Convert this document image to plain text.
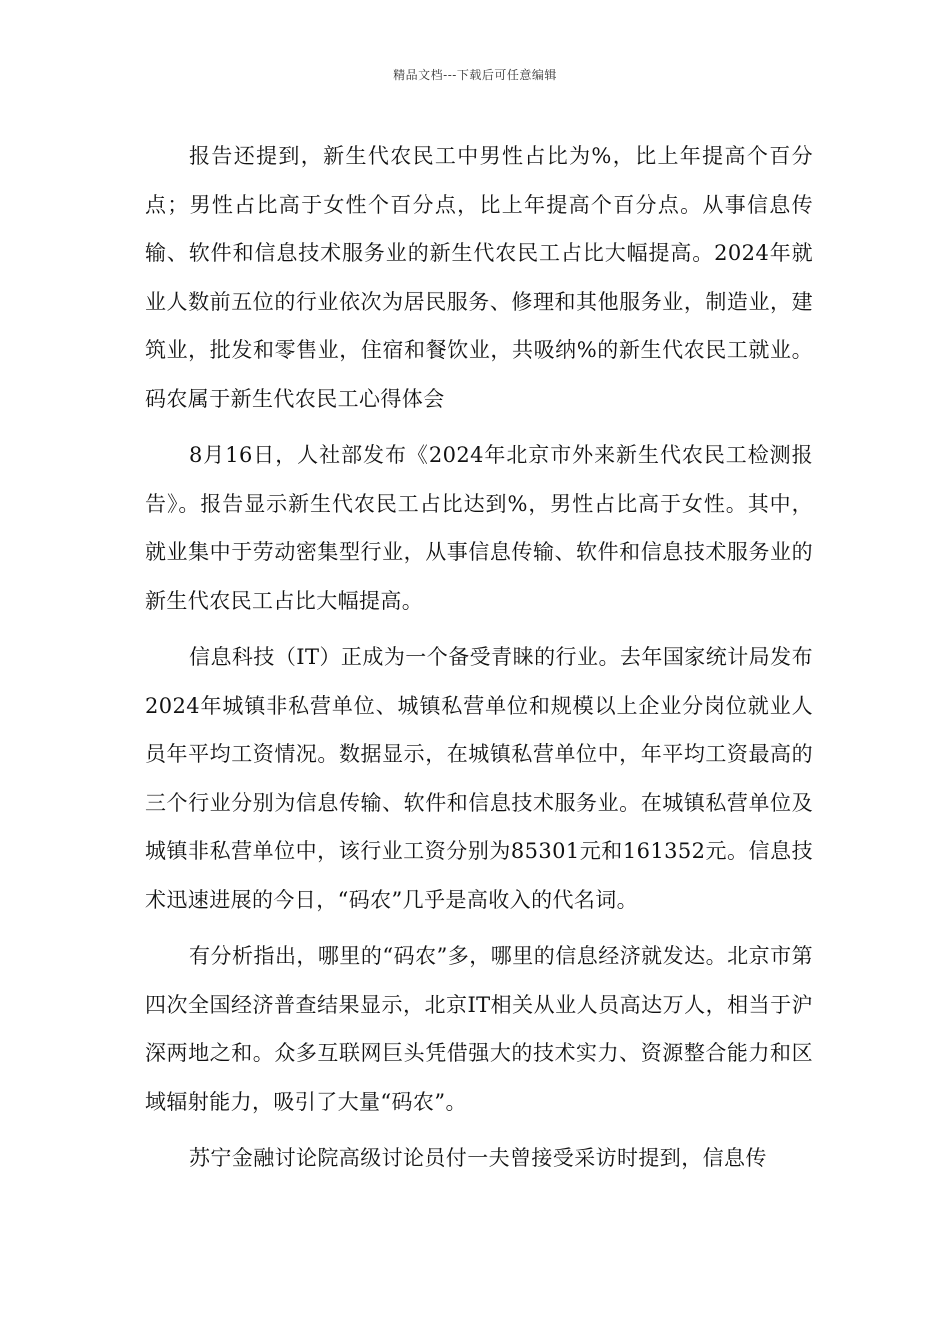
精品文档---下载后可任意编辑

报告还提到，新生代农民工中男性占比为%，比上年提高个百分点；男性占比高于女性个百分点，比上年提高个百分点。从事信息传输、软件和信息技术服务业的新生代农民工占比大幅提高。2024年就业人数前五位的行业依次为居民服务、修理和其他服务业，制造业，建筑业，批发和零售业，住宿和餐饮业，共吸纳%的新生代农民工就业。码农属于新生代农民工心得体会

8月16日，人社部发布《2024年北京市外来新生代农民工检测报告》。报告显示新生代农民工占比达到%，男性占比高于女性。其中，就业集中于劳动密集型行业，从事信息传输、软件和信息技术服务业的新生代农民工占比大幅提高。

信息科技（IT）正成为一个备受青睐的行业。去年国家统计局发布2024年城镇非私营单位、城镇私营单位和规模以上企业分岗位就业人员年平均工资情况。数据显示，在城镇私营单位中，年平均工资最高的三个行业分别为信息传输、软件和信息技术服务业。在城镇私营单位及城镇非私营单位中，该行业工资分别为85301元和161352元。信息技术迅速进展的今日，“码农”几乎是高收入的代名词。

有分析指出，哪里的“码农”多，哪里的信息经济就发达。北京市第四次全国经济普查结果显示，北京IT相关从业人员高达万人，相当于沪深两地之和。众多互联网巨头凭借强大的技术实力、资源整合能力和区域辐射能力，吸引了大量“码农”。

苏宁金融讨论院高级讨论员付一夫曾接受采访时提到，信息传
